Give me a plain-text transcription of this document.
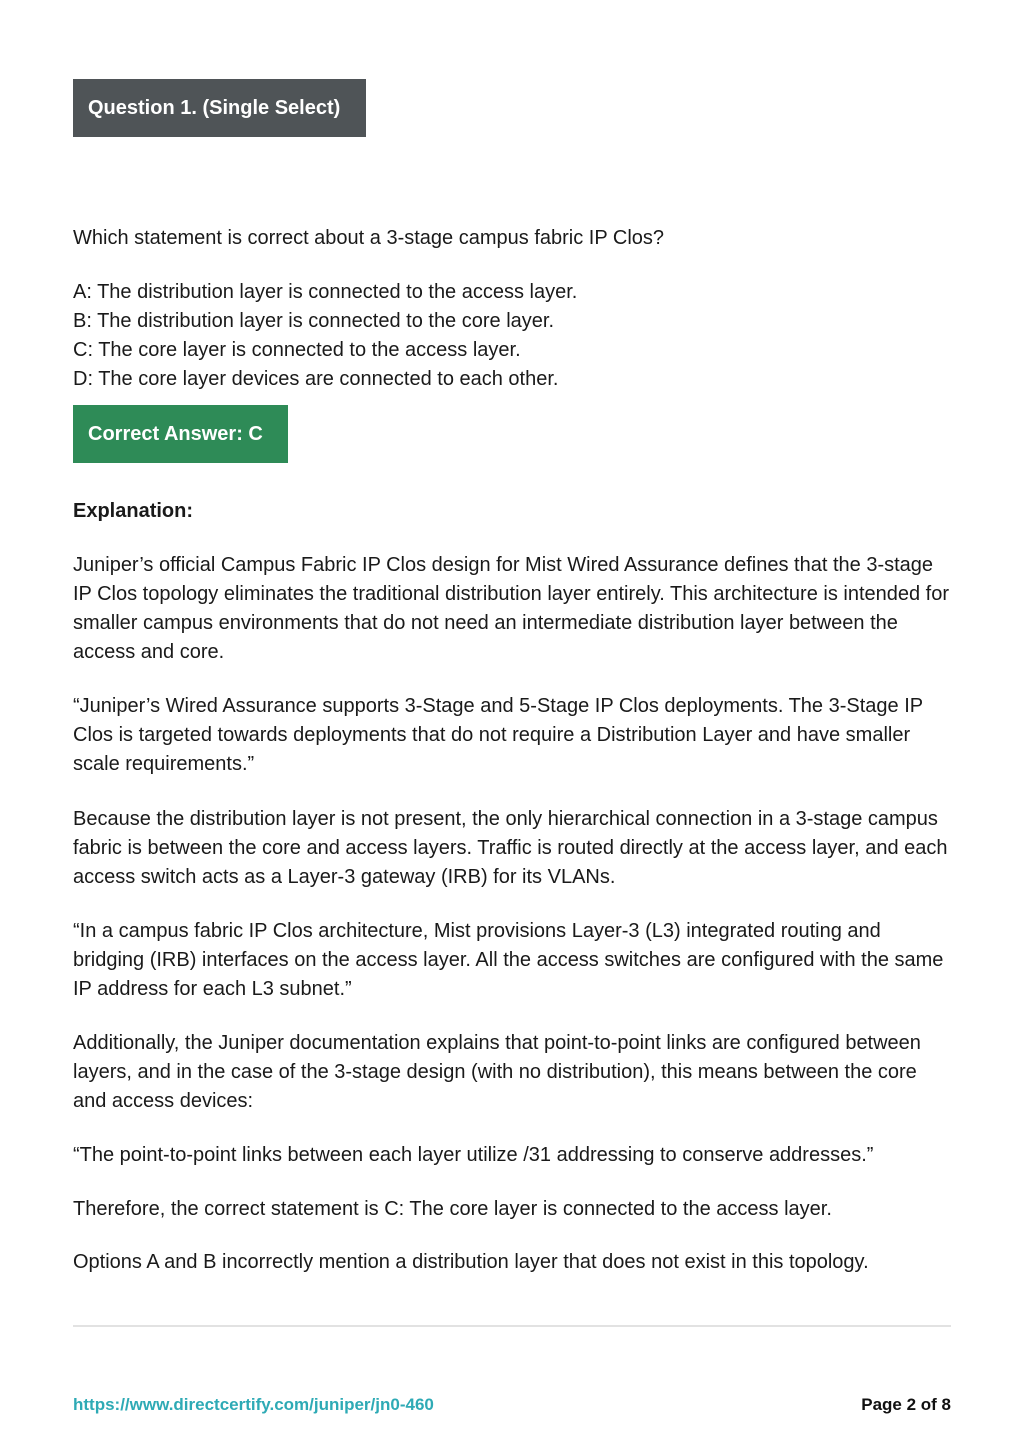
Question 1. (Single Select)

Which statement is correct about a 3-stage campus fabric IP Clos?

A: The distribution layer is connected to the access layer.
B: The distribution layer is connected to the core layer.
C: The core layer is connected to the access layer.
D: The core layer devices are connected to each other.
Correct Answer: C

Explanation:

Juniper’s official Campus Fabric IP Clos design for Mist Wired Assurance defines that the 3-stage IP Clos topology eliminates the traditional distribution layer entirely. This architecture is intended for smaller campus environments that do not need an intermediate distribution layer between the access and core.

“Juniper’s Wired Assurance supports 3-Stage and 5-Stage IP Clos deployments. The 3-Stage IP Clos is targeted towards deployments that do not require a Distribution Layer and have smaller scale requirements.”

Because the distribution layer is not present, the only hierarchical connection in a 3-stage campus fabric is between the core and access layers. Traffic is routed directly at the access layer, and each access switch acts as a Layer-3 gateway (IRB) for its VLANs.

“In a campus fabric IP Clos architecture, Mist provisions Layer-3 (L3) integrated routing and bridging (IRB) interfaces on the access layer. All the access switches are configured with the same IP address for each L3 subnet.”

Additionally, the Juniper documentation explains that point-to-point links are configured between layers, and in the case of the 3-stage design (with no distribution), this means between the core and access devices:

“The point-to-point links between each layer utilize /31 addressing to conserve addresses.”

Therefore, the correct statement is C: The core layer is connected to the access layer.

Options A and B incorrectly mention a distribution layer that does not exist in this topology.

https://www.directcertify.com/juniper/jn0-460	Page 2 of 8
